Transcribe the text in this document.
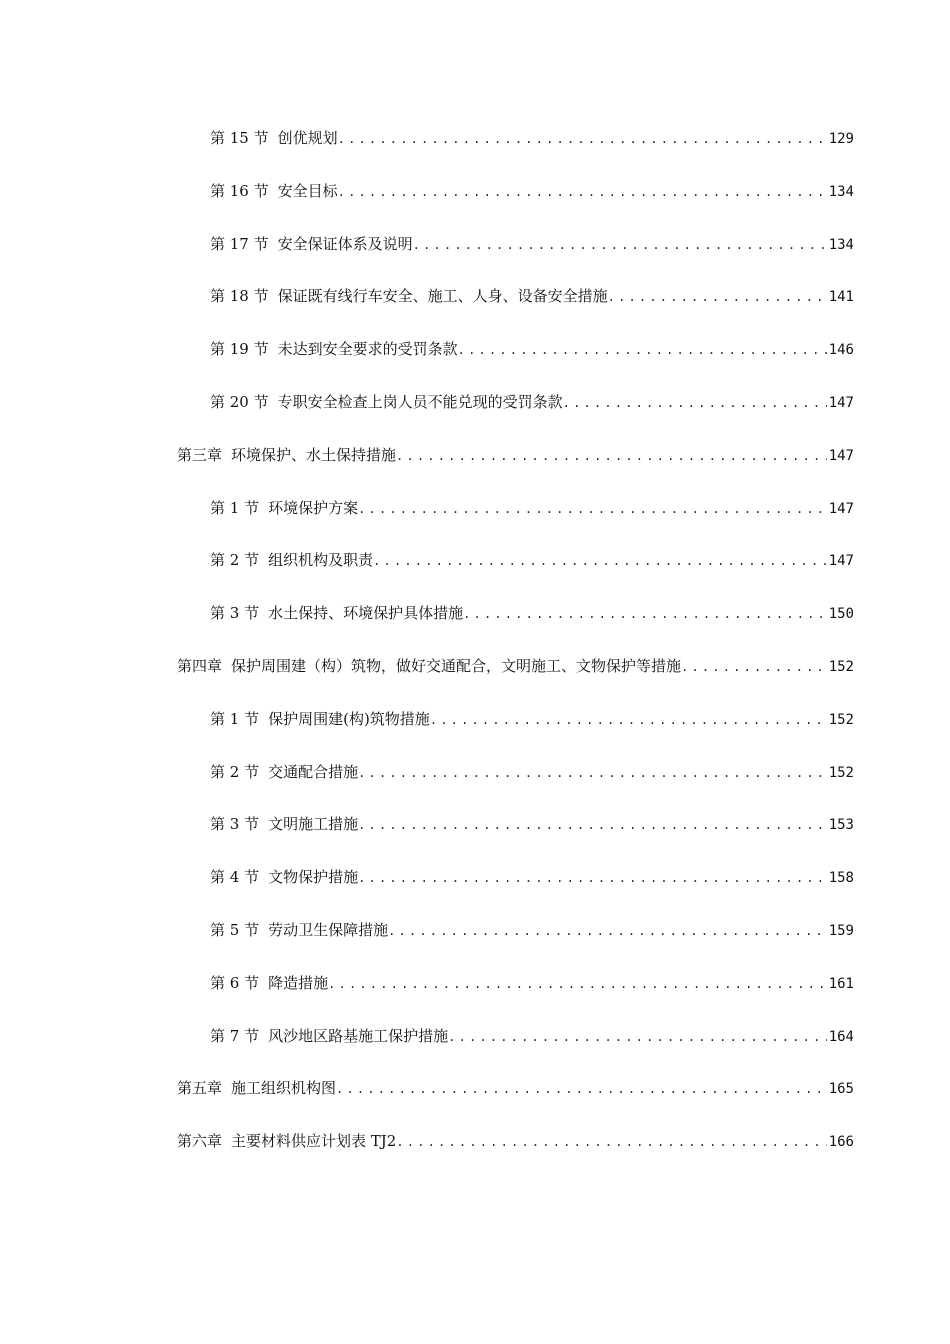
第 15 节 创优规划 .....	129
第 16 节 安全目标 .....	134
第 17 节 安全保证体系及说明 .....	134
第 18 节 保证既有线行车安全、施工、人身、设备安全措施 .....	141
第 19 节 未达到安全要求的受罚条款 .....	146
第 20 节 专职安全检查上岗人员不能兑现的受罚条款 .....	147
第三章 环境保护、水土保持措施 .....	147
第 1 节 环境保护方案 .....	147
第 2 节 组织机构及职责 .....	147
第 3 节 水土保持、环境保护具体措施 .....	150
第四章 保护周围建（构）筑物，做好交通配合，文明施工、文物保护等措施 .....	152
第 1 节 保护周围建(构)筑物措施 .....	152
第 2 节 交通配合措施 .....	152
第 3 节 文明施工措施 .....	153
第 4 节 文物保护措施 .....	158
第 5 节 劳动卫生保障措施 .....	159
第 6 节 降造措施 .....	161
第 7 节 风沙地区路基施工保护措施 .....	164
第五章 施工组织机构图 .....	165
第六章 主要材料供应计划表 TJ2 .....	166
